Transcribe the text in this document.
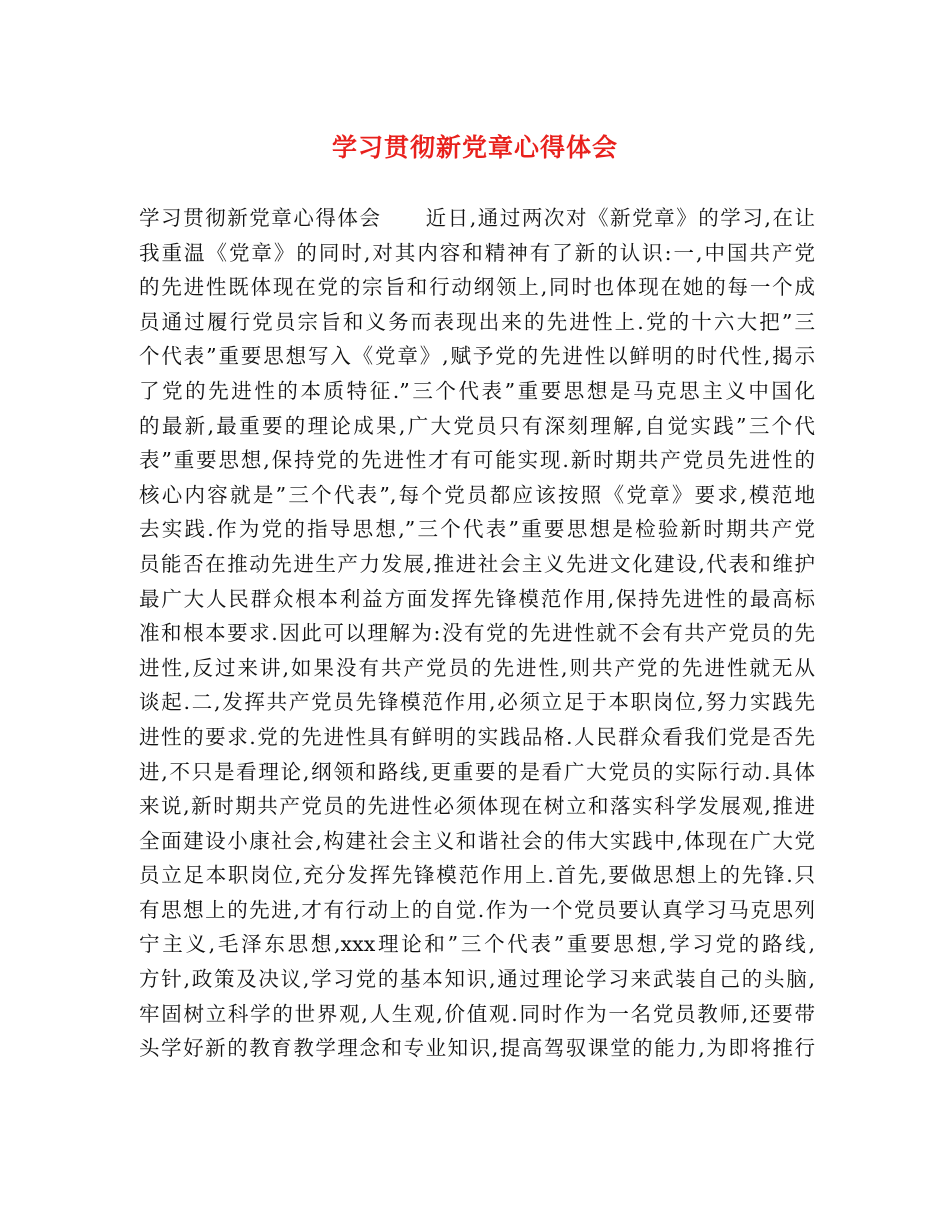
学习贯彻新党章心得体会
学习贯彻新党章心得体会　　近日,通过两次对《新党章》的学习,在让
我重温《党章》的同时,对其内容和精神有了新的认识:一,中国共产党
的先进性既体现在党的宗旨和行动纲领上,同时也体现在她的每一个成
员通过履行党员宗旨和义务而表现出来的先进性上.党的十六大把”三
个代表”重要思想写入《党章》,赋予党的先进性以鲜明的时代性,揭示
了党的先进性的本质特征.”三个代表”重要思想是马克思主义中国化
的最新,最重要的理论成果,广大党员只有深刻理解,自觉实践”三个代
表”重要思想,保持党的先进性才有可能实现.新时期共产党员先进性的
核心内容就是”三个代表”,每个党员都应该按照《党章》要求,模范地
去实践.作为党的指导思想,”三个代表”重要思想是检验新时期共产党
员能否在推动先进生产力发展,推进社会主义先进文化建设,代表和维护
最广大人民群众根本利益方面发挥先锋模范作用,保持先进性的最高标
准和根本要求.因此可以理解为:没有党的先进性就不会有共产党员的先
进性,反过来讲,如果没有共产党员的先进性,则共产党的先进性就无从
谈起.二,发挥共产党员先锋模范作用,必须立足于本职岗位,努力实践先
进性的要求.党的先进性具有鲜明的实践品格.人民群众看我们党是否先
进,不只是看理论,纲领和路线,更重要的是看广大党员的实际行动.具体
来说,新时期共产党员的先进性必须体现在树立和落实科学发展观,推进
全面建设小康社会,构建社会主义和谐社会的伟大实践中,体现在广大党
员立足本职岗位,充分发挥先锋模范作用上.首先,要做思想上的先锋.只
有思想上的先进,才有行动上的自觉.作为一个党员要认真学习马克思列
宁主义,毛泽东思想,xxx理论和”三个代表”重要思想,学习党的路线,
方针,政策及决议,学习党的基本知识,通过理论学习来武装自己的头脑,
牢固树立科学的世界观,人生观,价值观.同时作为一名党员教师,还要带
头学好新的教育教学理念和专业知识,提高驾驭课堂的能力,为即将推行
